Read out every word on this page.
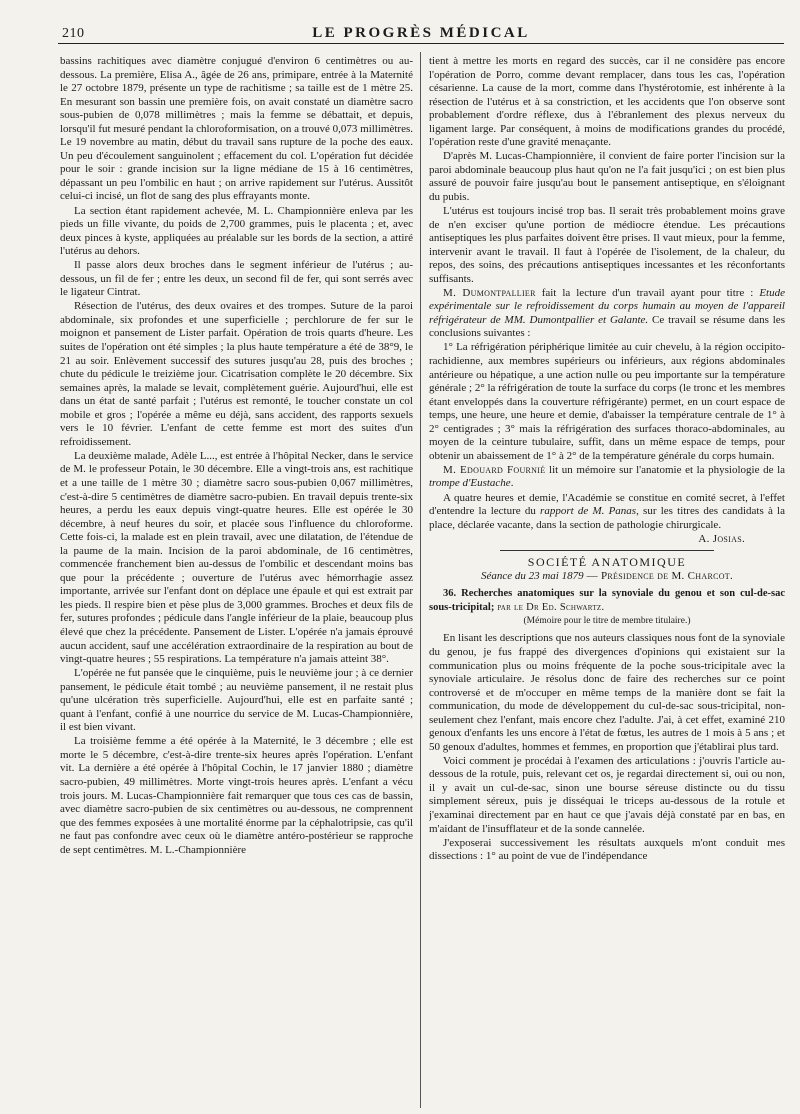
210	LE PROGRÈS MÉDICAL

bassins rachitiques avec diamètre conjugué d'environ 6 centimètres ou au-dessous. La première, Elisa A., âgée de 26 ans, primipare, entrée à la Maternité le 27 octobre 1879, présente un type de rachitisme ; sa taille est de 1 mètre 25. En mesurant son bassin une première fois, on avait constaté un diamètre sacro sous-pubien de 0,078 millimètres ; mais la femme se débattait, et depuis, lorsqu'il fut mesuré pendant la chloroformisation, on a trouvé 0,073 millimètres. Le 19 novembre au matin, début du travail sans rupture de la poche des eaux. Un peu d'écoulement sanguinolent ; effacement du col. L'opération fut décidée pour le soir : grande incision sur la ligne médiane de 15 à 16 centimètres, dépassant un peu l'ombilic en haut ; on arrive rapidement sur l'utérus. Aussitôt celui-ci incisé, un flot de sang des plus effrayants monte.

La section étant rapidement achevée, M. L. Championnière enleva par les pieds un fille vivante, du poids de 2,700 grammes, puis le placenta ; et, avec deux pinces à kyste, appliquées au préalable sur les bords de la section, a attiré l'utérus au dehors.

Il passe alors deux broches dans le segment inférieur de l'utérus ; au-dessous, un fil de fer ; entre les deux, un second fil de fer, qui sont serrés avec le ligateur Cintrat.

Résection de l'utérus, des deux ovaires et des trompes. Suture de la paroi abdominale, six profondes et une superficielle ; perchlorure de fer sur le moignon et pansement de Lister parfait. Opération de trois quarts d'heure. Les suites de l'opération ont été simples ; la plus haute température a été de 38°9, le 21 au soir. Enlèvement successif des sutures jusqu'au 28, puis des broches ; chute du pédicule le treizième jour. Cicatrisation complète le 20 décembre. Six semaines après, la malade se levait, complètement guérie. Aujourd'hui, elle est dans un état de santé parfait ; l'utérus est remonté, le toucher constate un col mobile et gros ; l'opérée a même eu déjà, sans accident, des rapports sexuels vers le 10 février. L'enfant de cette femme est mort des suites d'un refroidissement.

La deuxième malade, Adèle L..., est entrée à l'hôpital Necker, dans le service de M. le professeur Potain, le 30 décembre. Elle a vingt-trois ans, est rachitique et a une taille de 1 mètre 30 ; diamètre sacro sous-pubien 0,067 millimètres, c'est-à-dire 5 centimètres de diamètre sacro-pubien. En travail depuis trente-six heures, a perdu les eaux depuis vingt-quatre heures. Elle est opérée le 30 décembre, à neuf heures du soir, et placée sous l'influence du chloroforme. Cette fois-ci, la malade est en plein travail, avec une dilatation, de l'étendue de la paume de la main. Incision de la paroi abdominale, de 16 centimètres, commencée franchement bien au-dessus de l'ombilic et descendant moins bas que pour la précédente ; ouverture de l'utérus avec hémorrhagie assez importante, arrivée sur l'enfant dont on déplace une épaule et qui est extrait par les pieds. Il respire bien et pèse plus de 3,000 grammes. Broches et deux fils de fer, sutures profondes ; pédicule dans l'angle inférieur de la plaie, beaucoup plus élevé que chez la précédente. Pansement de Lister. L'opérée n'a jamais éprouvé aucun accident, sauf une accélération extraordinaire de la respiration au bout de vingt-quatre heures ; 55 respirations. La température n'a jamais atteint 38°.

L'opérée ne fut pansée que le cinquième, puis le neuvième jour ; à ce dernier pansement, le pédicule était tombé ; au neuvième pansement, il ne restait plus qu'une ulcération très superficielle. Aujourd'hui, elle est en parfaite santé ; quant à l'enfant, confié à une nourrice du service de M. Lucas-Championnière, il est bien vivant.

La troisième femme a été opérée à la Maternité, le 3 décembre ; elle est morte le 5 décembre, c'est-à-dire trente-six heures après l'opération. L'enfant vit. La dernière a été opérée à l'hôpital Cochin, le 17 janvier 1880 ; diamètre sacro-pubien, 49 millimètres. Morte vingt-trois heures après. L'enfant a vécu trois jours. M. Lucas-Championnière fait remarquer que tous ces cas de bassin, avec diamètre sacro-pubien de six centimètres ou au-dessous, ne comprennent que des femmes exposées à une mortalité énorme par la céphalotripsie, cas qu'il ne faut pas confondre avec ceux où le diamètre antéro-postérieur se rapproche de sept centimètres. M. L.-Championnière

tient à mettre les morts en regard des succès, car il ne considère pas encore l'opération de Porro, comme devant remplacer, dans tous les cas, l'opération césarienne. La cause de la mort, comme dans l'hystérotomie, est inhérente à la résection de l'utérus et à sa constriction, et les accidents que l'on observe sont probablement d'ordre réflexe, dus à l'ébranlement des plexus nerveux du ligament large. Par conséquent, à moins de modifications grandes du procédé, l'opération reste d'une gravité menaçante.

D'après M. Lucas-Championnière, il convient de faire porter l'incision sur la paroi abdominale beaucoup plus haut qu'on ne l'a fait jusqu'ici ; on est bien plus assuré de pouvoir faire jusqu'au bout le pansement antiseptique, en s'éloignant du pubis.

L'utérus est toujours incisé trop bas. Il serait très probablement moins grave de n'en exciser qu'une portion de médiocre étendue. Les précautions antiseptiques les plus parfaites doivent être prises. Il vaut mieux, pour la femme, intervenir avant le travail. Il faut à l'opérée de l'isolement, de la chaleur, du repos, des soins, des précautions antiseptiques incessantes et les réconfortants suffisants.

M. Dumontpallier fait la lecture d'un travail ayant pour titre : Etude expérimentale sur le refroidissement du corps humain au moyen de l'appareil réfrigérateur de MM. Dumontpallier et Galante. Ce travail se résume dans les conclusions suivantes :

1° La réfrigération périphérique limitée au cuir chevelu, à la région occipito-rachidienne, aux membres supérieurs ou inférieurs, aux régions abdominales antérieure ou hépatique, a une action nulle ou peu importante sur la température générale ; 2° la réfrigération de toute la surface du corps (le tronc et les membres étant enveloppés dans la couverture réfrigérante) permet, en un court espace de temps, une heure, une heure et demie, d'abaisser la température centrale de 1° à 2° centigrades ; 3° mais la réfrigération des surfaces thoraco-abdominales, au moyen de la ceinture tubulaire, suffit, dans un même espace de temps, pour obtenir un abaissement de 1° à 2° de la température générale du corps humain.

M. Edouard Fournié lit un mémoire sur l'anatomie et la physiologie de la trompe d'Eustache.

A quatre heures et demie, l'Académie se constitue en comité secret, à l'effet d'entendre la lecture du rapport de M. Panas, sur les titres des candidats à la place, déclarée vacante, dans la section de pathologie chirurgicale.

A. Josias.
SOCIÉTÉ ANATOMIQUE
Séance du 23 mai 1879 — Présidence de M. Charcot.

36. Recherches anatomiques sur la synoviale du genou et son cul-de-sac sous-tricipital; par le Dr Ed. Schwartz.

(Mémoire pour le titre de membre titulaire.)

En lisant les descriptions que nos auteurs classiques nous font de la synoviale du genou, je fus frappé des divergences d'opinions qui existaient sur la communication plus ou moins fréquente de la poche sous-tricipitale avec la synoviale articulaire. Je résolus donc de faire des recherches sur ce point controversé et de m'occuper en même temps de la manière dont se fait la communication, du mode de développement du cul-de-sac sous-tricipital, non-seulement chez l'enfant, mais encore chez l'adulte. J'ai, à cet effet, examiné 210 genoux d'enfants les uns encore à l'état de fœtus, les autres de 1 mois à 5 ans ; et 50 genoux d'adultes, hommes et femmes, en proportion que j'établirai plus tard.

Voici comment je procédai à l'examen des articulations : j'ouvris l'article au-dessous de la rotule, puis, relevant cet os, je regardai directement si, oui ou non, il y avait un cul-de-sac, sinon une bourse séreuse distincte ou du tissu simplement séreux, puis je disséquai le triceps au-dessous de la rotule et j'examinai directement par en haut ce que j'avais déjà constaté par en bas, en m'aidant de l'insufflateur et de la sonde cannelée.

J'exposerai successivement les résultats auxquels m'ont conduit mes dissections : 1° au point de vue de l'indépendance
